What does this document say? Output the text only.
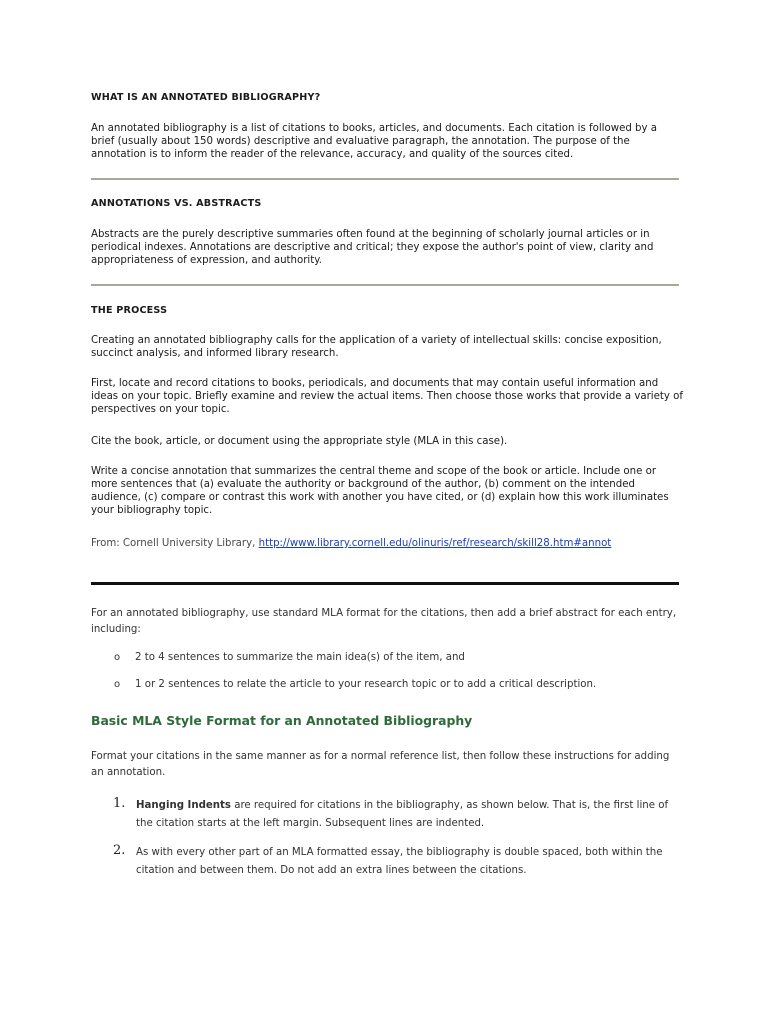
WHAT IS AN ANNOTATED BIBLIOGRAPHY?
An annotated bibliography is a list of citations to books, articles, and documents. Each citation is followed by a brief (usually about 150 words) descriptive and evaluative paragraph, the annotation. The purpose of the annotation is to inform the reader of the relevance, accuracy, and quality of the sources cited.
ANNOTATIONS VS. ABSTRACTS
Abstracts are the purely descriptive summaries often found at the beginning of scholarly journal articles or in periodical indexes. Annotations are descriptive and critical; they expose the author's point of view, clarity and appropriateness of expression, and authority.
THE PROCESS
Creating an annotated bibliography calls for the application of a variety of intellectual skills: concise exposition, succinct analysis, and informed library research.
First, locate and record citations to books, periodicals, and documents that may contain useful information and ideas on your topic. Briefly examine and review the actual items. Then choose those works that provide a variety of perspectives on your topic.
Cite the book, article, or document using the appropriate style (MLA in this case).
Write a concise annotation that summarizes the central theme and scope of the book or article. Include one or more sentences that (a) evaluate the authority or background of the author, (b) comment on the intended audience, (c) compare or contrast this work with another you have cited, or (d) explain how this work illuminates your bibliography topic.
From: Cornell University Library, http://www.library.cornell.edu/olinuris/ref/research/skill28.htm#annot
For an annotated bibliography, use standard MLA format for the citations, then add a brief abstract for each entry, including:
o 2 to 4 sentences to summarize the main idea(s) of the item, and
o 1 or 2 sentences to relate the article to your research topic or to add a critical description.
Basic MLA Style Format for an Annotated Bibliography
Format your citations in the same manner as for a normal reference list, then follow these instructions for adding an annotation.
1. Hanging Indents are required for citations in the bibliography, as shown below. That is, the first line of the citation starts at the left margin. Subsequent lines are indented.
2. As with every other part of an MLA formatted essay, the bibliography is double spaced, both within the citation and between them. Do not add an extra lines between the citations.
